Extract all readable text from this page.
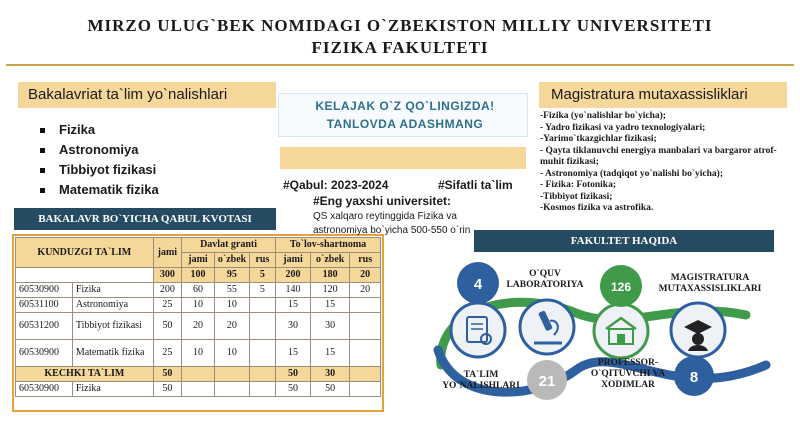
MIRZO ULUG`BEK NOMIDAGI O`ZBEKISTON MILLIY UNIVERSITETI
FIZIKA FAKULTETI
Bakalavriat ta`lim yo`nalishlari
Fizika
Astronomiya
Tibbiyot fizikasi
Matematik fizika
BAKALAVR BO`YICHA QABUL KVOTASI
KUNDUZGI TA`LIM		jami	Davlat granti			To`lov-shartnoma		
			jami	o`zbek	rus	jami	o`zbek	rus
		300	100	95	5	200	180	20
60530900	Fizika	200	60	55	5	140	120	20
60531100	Astronomiya	25	10	10		15	15	
60531200	Tibbiyot fizikasi	50	20	20		30	30	
60530900	Matematik fizika	25	10	10		15	15	
KECHKI TA`LIM		50				50	30	
60530900	Fizika	50				50	50	
KELAJAK O`Z QO`LINGIZDA!
TANLOVDA ADASHMANG
#Qabul: 2023-2024	#Sifatli ta`lim
#Eng yaxshi universitet:
QS xalqaro reytinggida Fizika va
astronomiya bo`yicha 500-550 o`rin
Magistratura mutaxassisliklari
-Fizika (yo`nalishlar bo`yicha);
- Yadro fizikasi va yadro texnologiyalari;
-Yarimo`tkazgichlar fizikasi;
- Qayta tiklanuvchi energiya manbalari va bargaror atrof-muhit fizikasi;
- Astronomiya (tadqiqot yo`nalishi bo`yicha);
- Fizika: Fotonika;
-Tibbiyot fizikasi;
-Kosmos fizika va astrofika.
FAKULTET HAQIDA
4	126
21	8
O`QUV
LABORATORIYA
MAGISTRATURA
MUTAXASSISLIKLARI
TA`LIM
YO`NALISHLARI
PROFESSOR-
O`QITUVCHI VA
XODIMLAR
